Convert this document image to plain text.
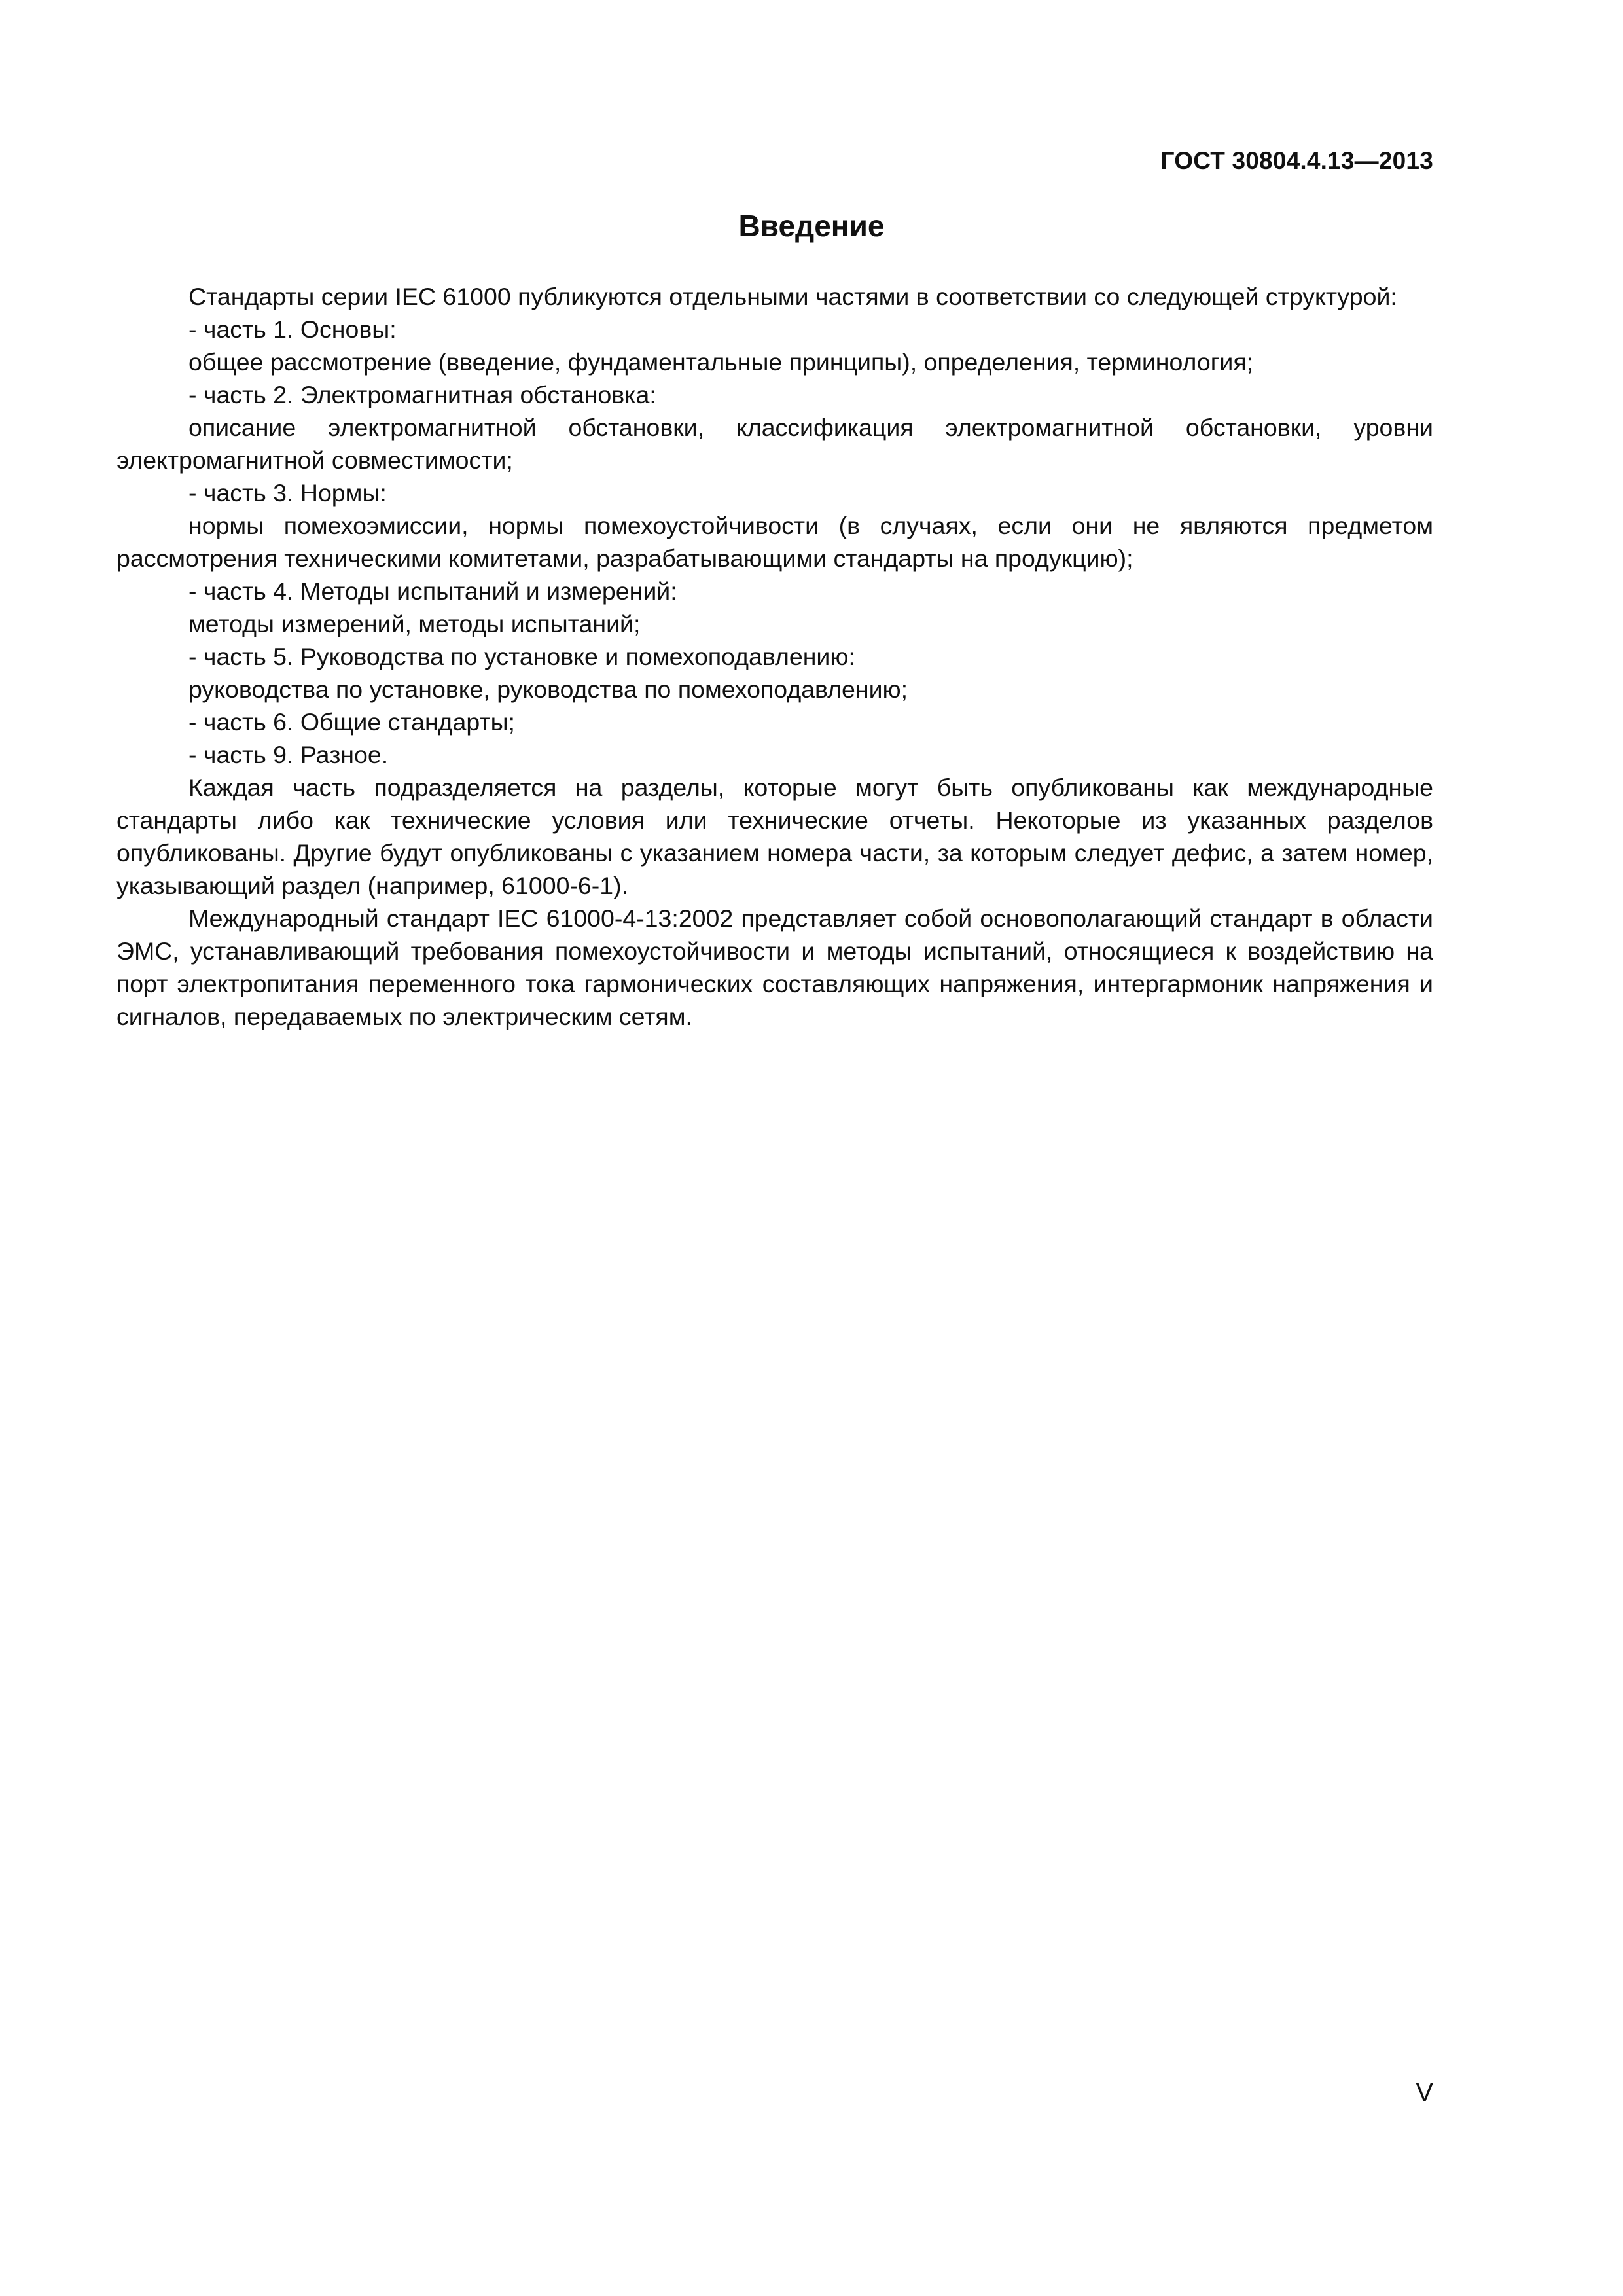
ГОСТ 30804.4.13—2013
Введение

Стандарты серии IEC 61000 публикуются отдельными частями в соответствии со следующей структурой:

- часть 1. Основы:

общее рассмотрение (введение, фундаментальные принципы), определения, терминология;

- часть 2. Электромагнитная обстановка:

описание электромагнитной обстановки, классификация электромагнитной обстановки, уровни электромагнитной совместимости;

- часть 3. Нормы:

нормы помехоэмиссии, нормы помехоустойчивости (в случаях, если они не являются предметом рассмотрения техническими комитетами, разрабатывающими стандарты на продукцию);

- часть 4. Методы испытаний и измерений:

методы измерений, методы испытаний;

- часть 5. Руководства по установке и помехоподавлению:

руководства по установке, руководства по помехоподавлению;

- часть 6. Общие стандарты;

- часть 9. Разное.

Каждая часть подразделяется на разделы, которые могут быть опубликованы как международные стандарты либо как технические условия или технические отчеты. Некоторые из указанных разделов опубликованы. Другие будут опубликованы с указанием номера части, за которым следует дефис, а затем номер, указывающий раздел (например, 61000-6-1).

Международный стандарт IEC 61000-4-13:2002 представляет собой основополагающий стандарт в области ЭМС, устанавливающий требования помехоустойчивости и методы испытаний, относящиеся к воздействию на порт электропитания переменного тока гармонических составляющих напряжения, интергармоник напряжения и сигналов, передаваемых по электрическим сетям.

V
